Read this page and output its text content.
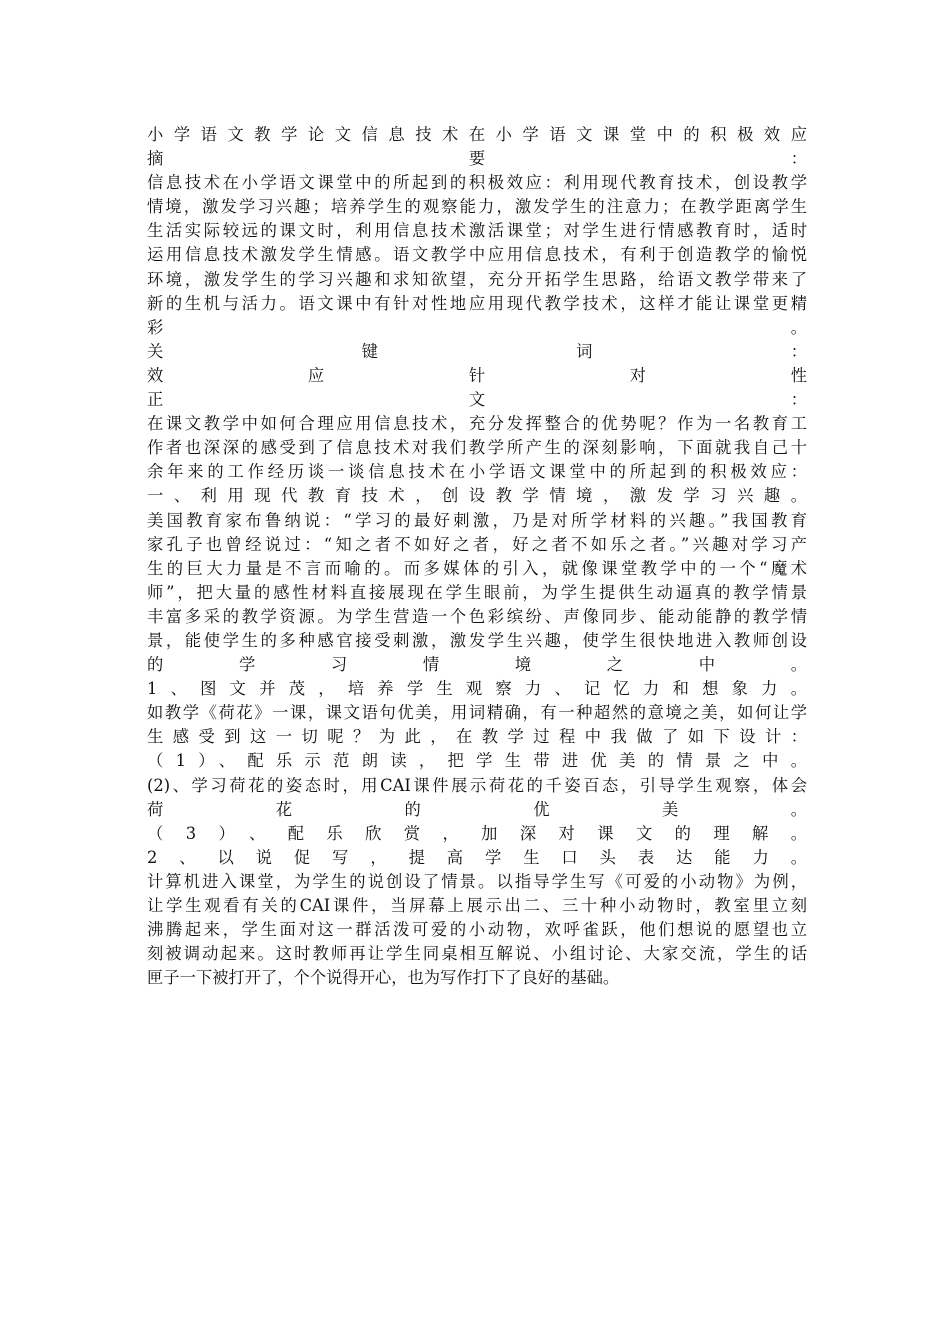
小学语文教学论文信息技术在小学语文课堂中的积极效应
摘 要 ：
信息技术在小学语文课堂中的所起到的积极效应：利用现代教育技术，创设教学
情境，激发学习兴趣；培养学生的观察能力，激发学生的注意力；在教学距离学生
生活实际较远的课文时，利用信息技术激活课堂；对学生进行情感教育时，适时
运用信息技术激发学生情感。语文教学中应用信息技术，有利于创造教学的愉悦
环境，激发学生的学习兴趣和求知欲望，充分开拓学生思路，给语文教学带来了
新的生机与活力。语文课中有针对性地应用现代教学技术，这样才能让课堂更精
彩 。
关 键 词 ：
效 应 针 对 性
正 文 ：
在课文教学中如何合理应用信息技术，充分发挥整合的优势呢？作为一名教育工
作者也深深的感受到了信息技术对我们教学所产生的深刻影响，下面就我自己十
余年来的工作经历谈一谈信息技术在小学语文课堂中的所起到的积极效应：
一、利用现代教育技术，创设教学情境，激发学习兴趣。
美国教育家布鲁纳说：“学习的最好刺激，乃是对所学材料的兴趣。”我国教育
家孔子也曾经说过：“知之者不如好之者，好之者不如乐之者。”兴趣对学习产
生的巨大力量是不言而喻的。而多媒体的引入，就像课堂教学中的一个“魔术
师”，把大量的感性材料直接展现在学生眼前，为学生提供生动逼真的教学情景
丰富多采的教学资源。为学生营造一个色彩缤纷、声像同步、能动能静的教学情
景，能使学生的多种感官接受刺激，激发学生兴趣，使学生很快地进入教师创设
的 学 习 情 境 之 中 。
1、图文并茂，培养学生观察力、记忆力和想象力。
如教学《荷花》一课，课文语句优美，用词精确，有一种超然的意境之美，如何让学
生感受到这一切呢？为此，在教学过程中我做了如下设计：
（1）、配乐示范朗读，把学生带进优美的情景之中。
(2)、学习荷花的姿态时，用CAI课件展示荷花的千姿百态，引导学生观察，体会
荷 花 的 优 美 。
（3）、配乐欣赏，加深对课文的理解。
2、以说促写，提高学生口头表达能力。
计算机进入课堂，为学生的说创设了情景。以指导学生写《可爱的小动物》为例，
让学生观看有关的CAI课件，当屏幕上展示出二、三十种小动物时，教室里立刻
沸腾起来，学生面对这一群活泼可爱的小动物，欢呼雀跃，他们想说的愿望也立
刻被调动起来。这时教师再让学生同桌相互解说、小组讨论、大家交流，学生的话
匣子一下被打开了，个个说得开心，也为写作打下了良好的基础。
